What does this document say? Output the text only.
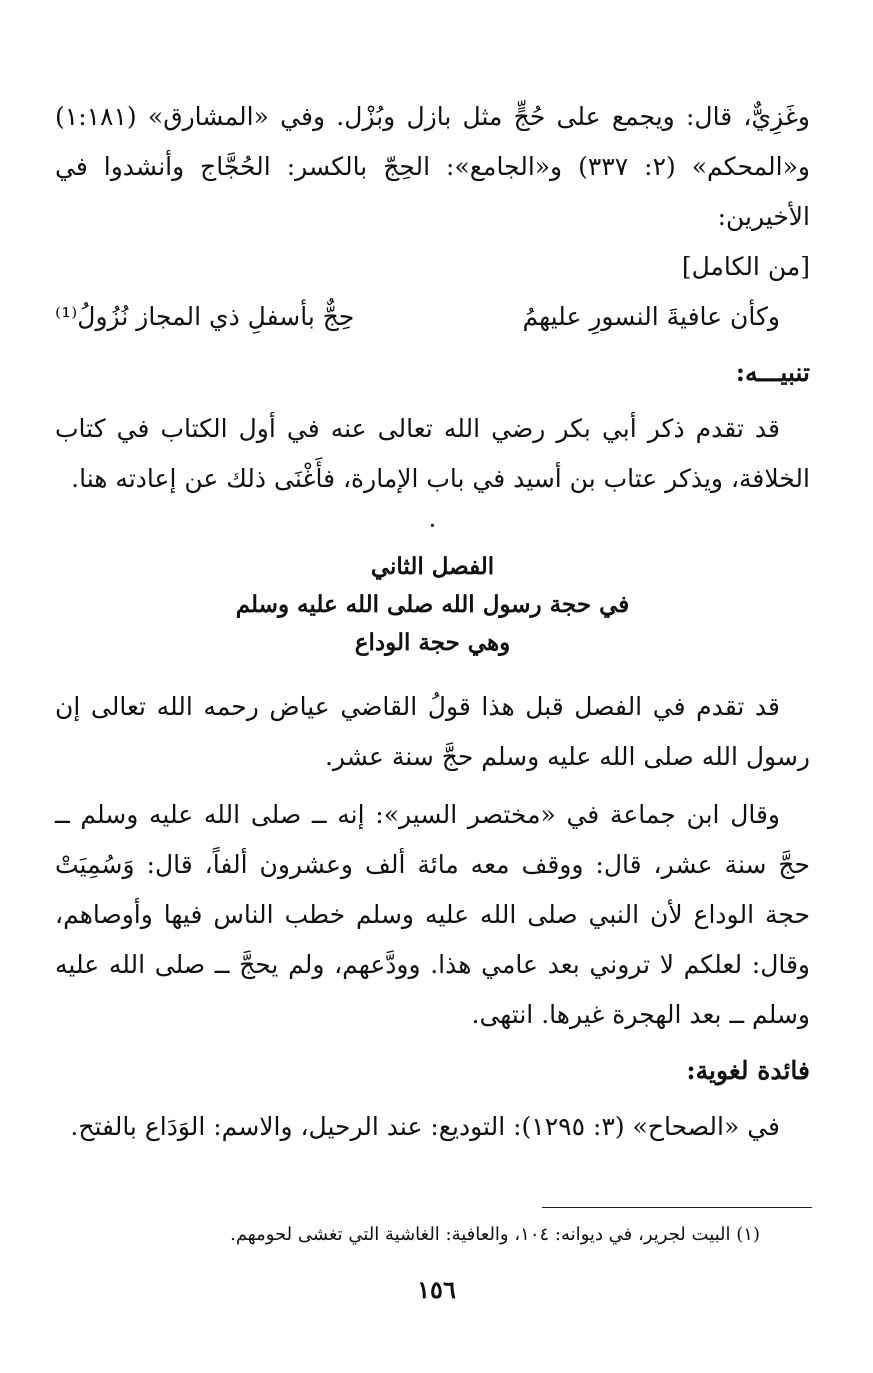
وغَزِيٌّ، قال: ويجمع على حُجٍّ مثل بازل وبُزْل. وفي «المشارق» (١:١٨١) و«المحكم» (٢: ٣٣٧) و«الجامع»: الحِجّ بالكسر: الحُجَّاج وأنشدوا في الأخيرين:

[من الكامل]

وكأن عافيةَ النسورِ عليهمُ
حِجٌّ بأسفلِ ذي المجاز نُزُولُ⁽¹⁾

تنبيـــه:

قد تقدم ذكر أبي بكر رضي الله تعالى عنه في أول الكتاب في كتاب الخلافة، ويذكر عتاب بن أسيد في باب الإمارة، فأَغْنَى ذلك عن إعادته هنا.

·

الفصل الثاني
في حجة رسول الله صلى الله عليه وسلم
وهي حجة الوداع

قد تقدم في الفصل قبل هذا قولُ القاضي عياض رحمه الله تعالى إن رسول الله صلى الله عليه وسلم حجَّ سنة عشر.

وقال ابن جماعة في «مختصر السير»: إنه ــ صلى الله عليه وسلم ــ حجَّ سنة عشر، قال: ووقف معه مائة ألف وعشرون ألفاً، قال: وَسُمِيَتْ حجة الوداع لأن النبي صلى الله عليه وسلم خطب الناس فيها وأوصاهم، وقال: لعلكم لا تروني بعد عامي هذا. وودَّعهم، ولم يحجَّ ــ صلى الله عليه وسلم ــ بعد الهجرة غيرها. انتهى.

فائدة لغوية:

في «الصحاح» (٣: ١٢٩٥): التوديع: عند الرحيل، والاسم: الوَدَاع بالفتح.

(١) البيت لجرير، في ديوانه: ١٠٤، والعافية: الغاشية التي تغشى لحومهم.
١٥٦
